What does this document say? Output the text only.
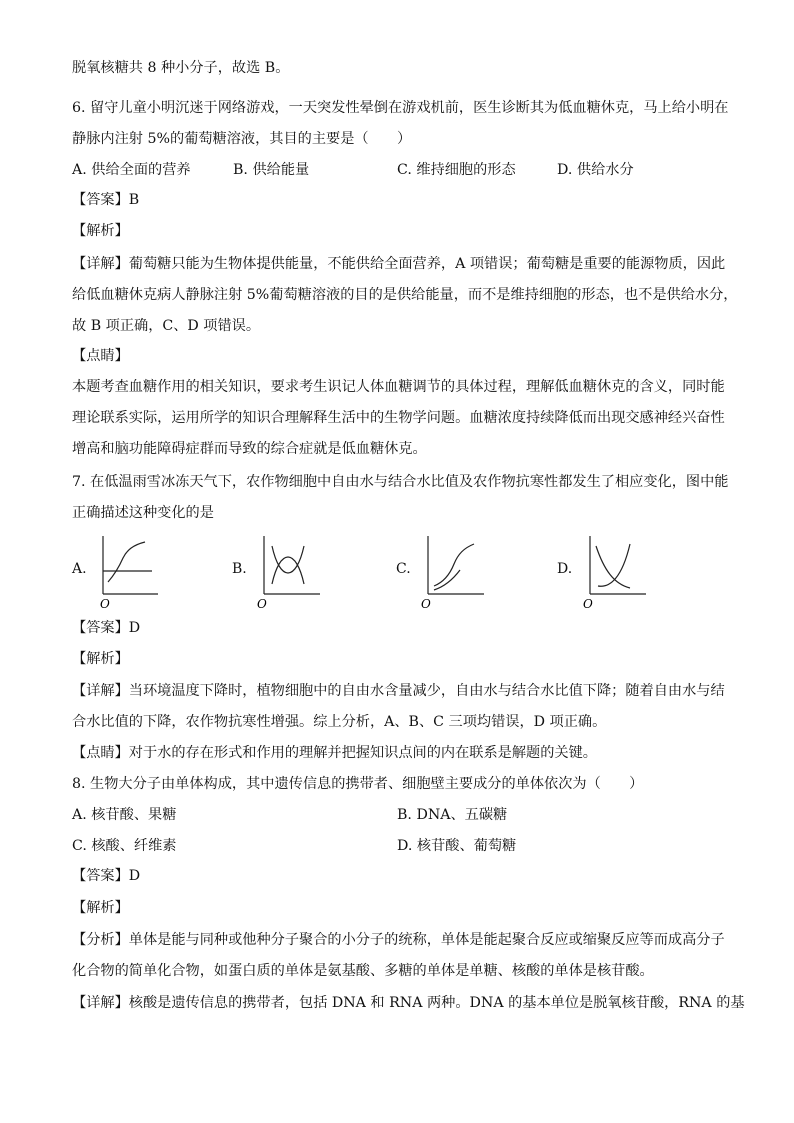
脱氧核糖共 8 种小分子，故选 B。
6. 留守儿童小明沉迷于网络游戏，一天突发性晕倒在游戏机前，医生诊断其为低血糖休克，马上给小明在
静脉内注射 5%的葡萄糖溶液，其目的主要是（　　）
A. 供给全面的营养	B. 供给能量	C. 维持细胞的形态	D. 供给水分
【答案】B
【解析】
【详解】葡萄糖只能为生物体提供能量，不能供给全面营养，A 项错误；葡萄糖是重要的能源物质，因此
给低血糖休克病人静脉注射 5%葡萄糖溶液的目的是供给能量，而不是维持细胞的形态，也不是供给水分，
故 B 项正确，C、D 项错误。
【点睛】
本题考查血糖作用的相关知识，要求考生识记人体血糖调节的具体过程，理解低血糖休克的含义，同时能
理论联系实际，运用所学的知识合理解释生活中的生物学问题。血糖浓度持续降低而出现交感神经兴奋性
增高和脑功能障碍症群而导致的综合症就是低血糖休克。
7. 在低温雨雪冰冻天气下，农作物细胞中自由水与结合水比值及农作物抗寒性都发生了相应变化，图中能
正确描述这种变化的是
A.
O
B.
O
C.
O
D.
O
【答案】D
【解析】
【详解】当环境温度下降时，植物细胞中的自由水含量减少，自由水与结合水比值下降；随着自由水与结
合水比值的下降，农作物抗寒性增强。综上分析，A、B、C 三项均错误，D 项正确。
【点睛】对于水的存在形式和作用的理解并把握知识点间的内在联系是解题的关键。
8. 生物大分子由单体构成，其中遗传信息的携带者、细胞壁主要成分的单体依次为（　　）
A. 核苷酸、果糖	B. DNA、五碳糖
C. 核酸、纤维素	D. 核苷酸、葡萄糖
【答案】D
【解析】
【分析】单体是能与同种或他种分子聚合的小分子的统称，单体是能起聚合反应或缩聚反应等而成高分子
化合物的简单化合物，如蛋白质的单体是氨基酸、多糖的单体是单糖、核酸的单体是核苷酸。
【详解】核酸是遗传信息的携带者，包括 DNA 和 RNA 两种。DNA 的基本单位是脱氧核苷酸，RNA 的基
